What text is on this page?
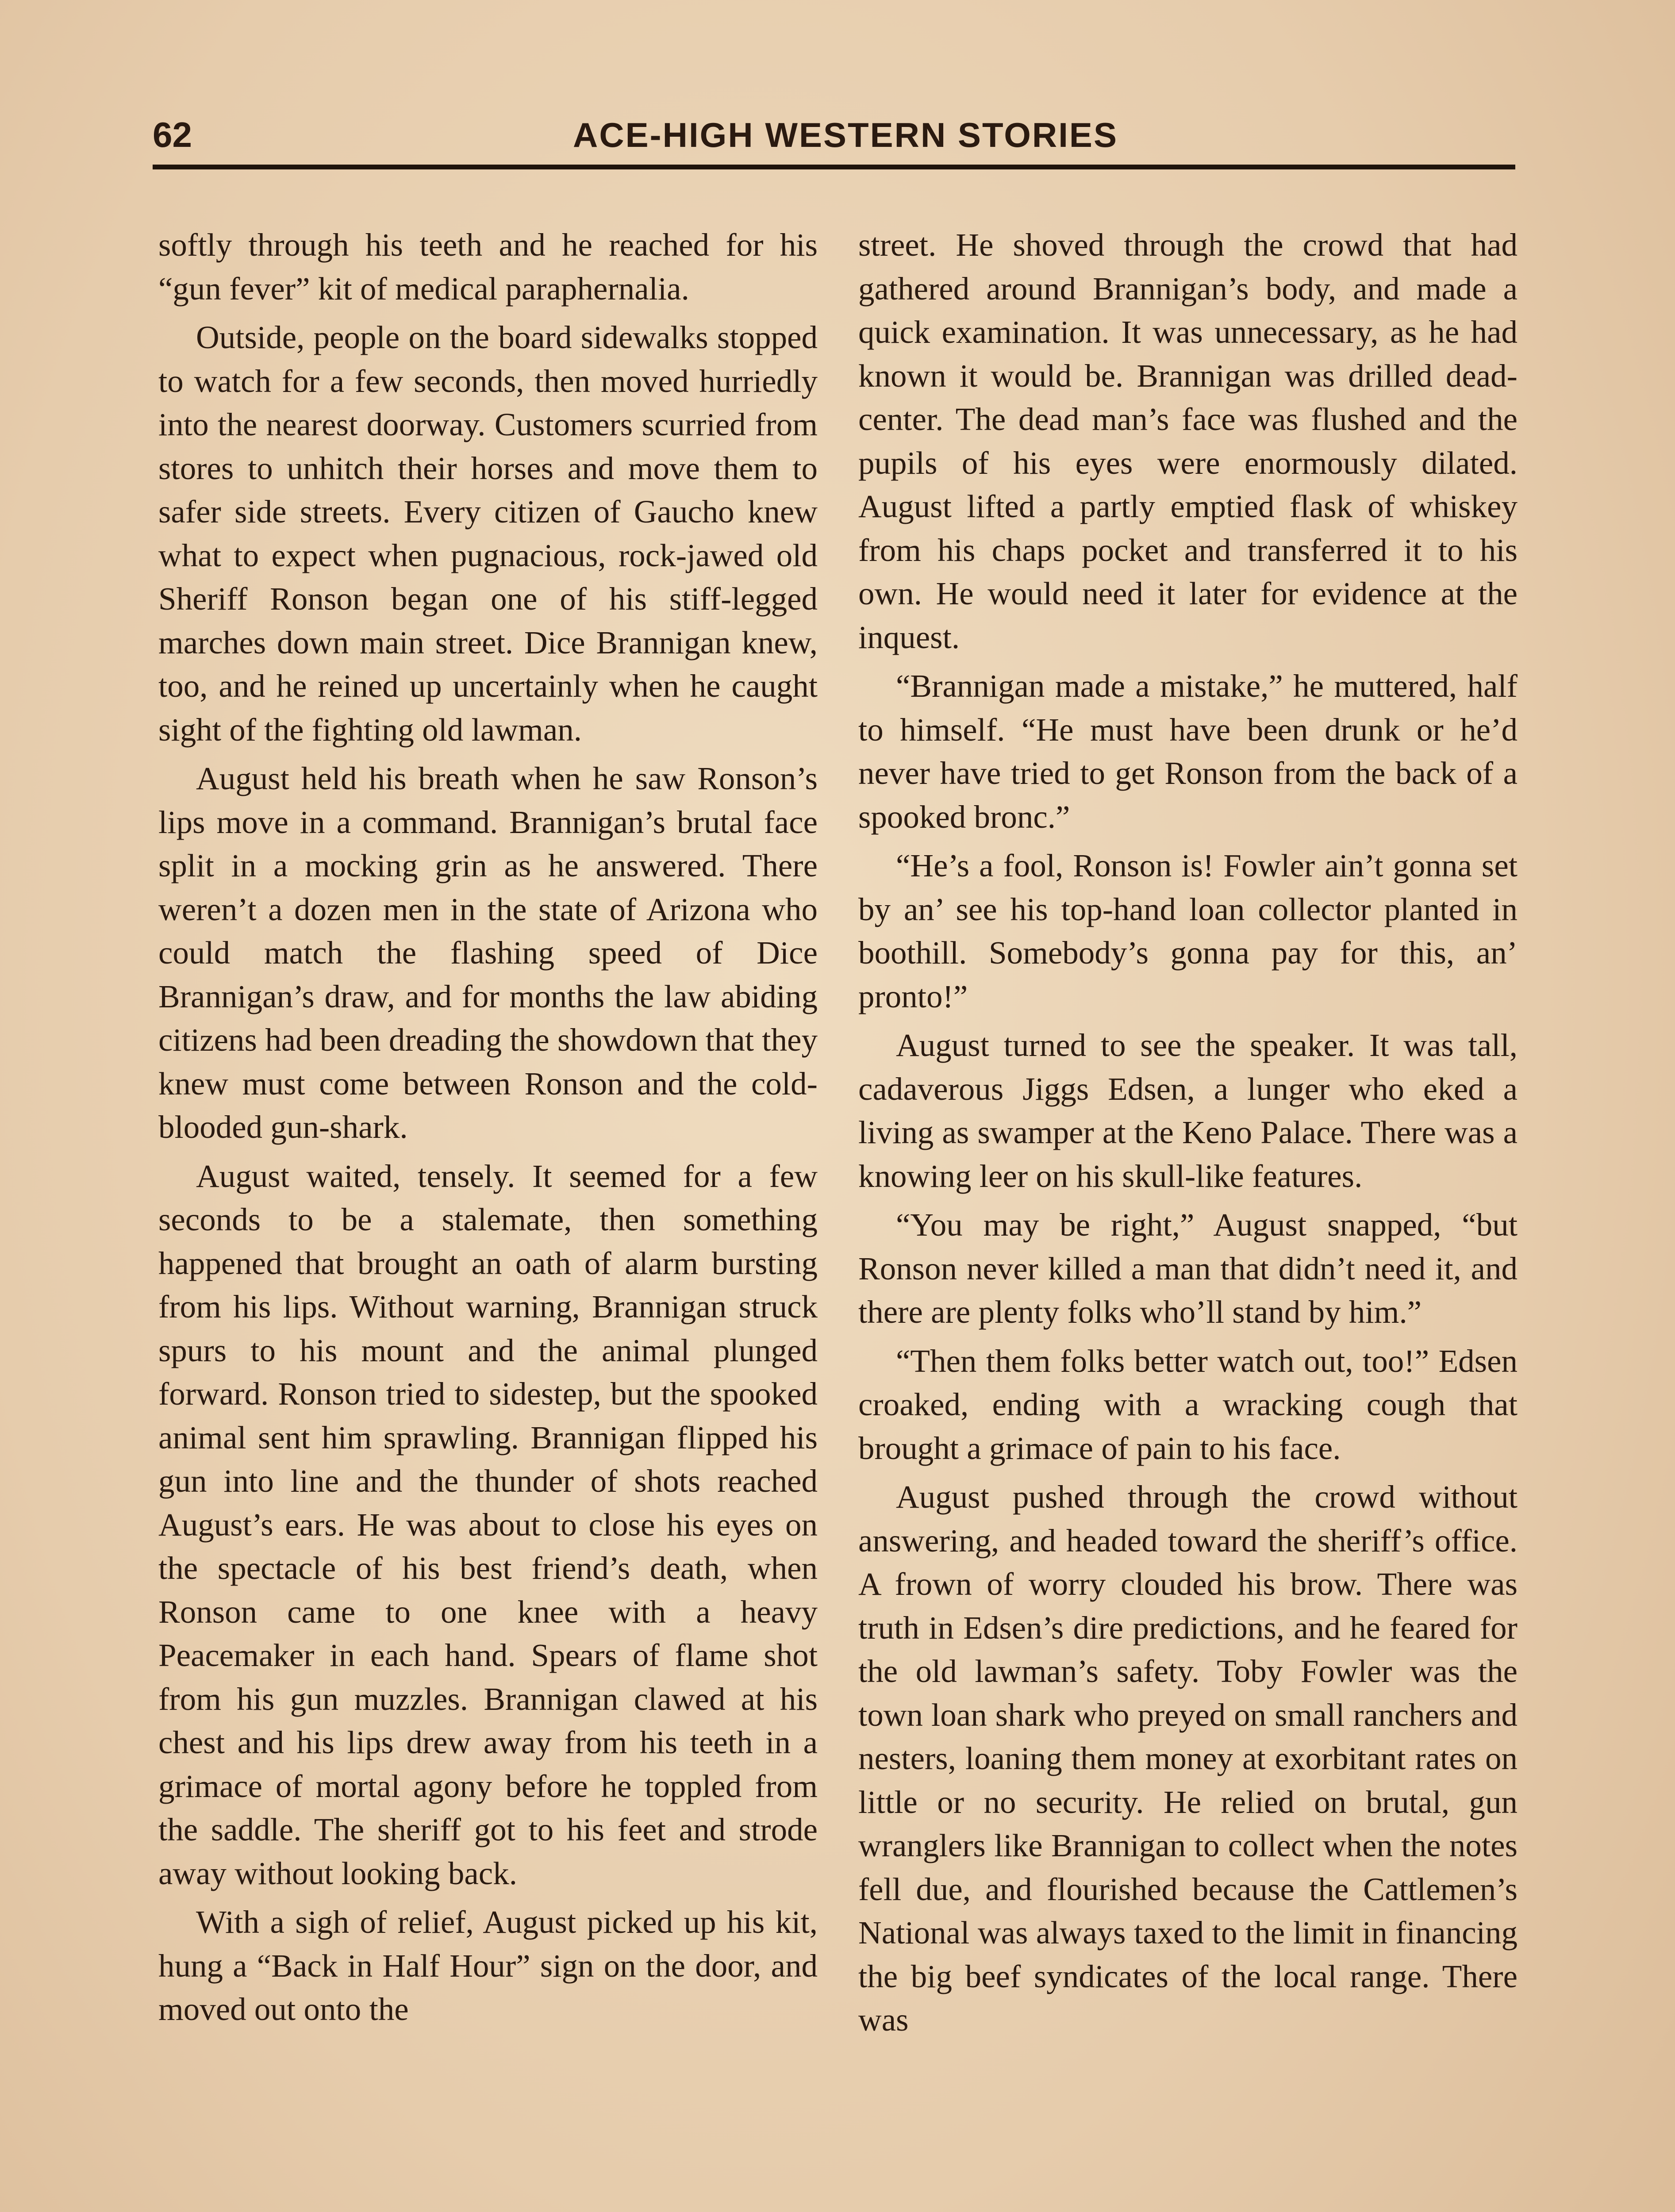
62	ACE-HIGH WESTERN STORIES

softly through his teeth and he reached for his “gun fever” kit of medical paraphernalia.

Outside, people on the board sidewalks stopped to watch for a few seconds, then moved hurriedly into the nearest doorway. Customers scurried from stores to unhitch their horses and move them to safer side streets. Every citizen of Gaucho knew what to expect when pugnacious, rock-jawed old Sheriff Ronson began one of his stiff-legged marches down main street. Dice Brannigan knew, too, and he reined up uncertainly when he caught sight of the fighting old lawman.

August held his breath when he saw Ronson’s lips move in a command. Brannigan’s brutal face split in a mocking grin as he answered. There weren’t a dozen men in the state of Arizona who could match the flashing speed of Dice Brannigan’s draw, and for months the law abiding citizens had been dreading the showdown that they knew must come between Ronson and the cold-blooded gun-shark.

August waited, tensely. It seemed for a few seconds to be a stalemate, then something happened that brought an oath of alarm bursting from his lips. Without warning, Brannigan struck spurs to his mount and the animal plunged forward. Ronson tried to sidestep, but the spooked animal sent him sprawling. Brannigan flipped his gun into line and the thunder of shots reached August’s ears. He was about to close his eyes on the spectacle of his best friend’s death, when Ronson came to one knee with a heavy Peacemaker in each hand. Spears of flame shot from his gun muzzles. Brannigan clawed at his chest and his lips drew away from his teeth in a grimace of mortal agony before he toppled from the saddle. The sheriff got to his feet and strode away without looking back.

With a sigh of relief, August picked up his kit, hung a “Back in Half Hour” sign on the door, and moved out onto the

street. He shoved through the crowd that had gathered around Brannigan’s body, and made a quick examination. It was unnecessary, as he had known it would be. Brannigan was drilled dead-center. The dead man’s face was flushed and the pupils of his eyes were enormously dilated. August lifted a partly emptied flask of whiskey from his chaps pocket and transferred it to his own. He would need it later for evidence at the inquest.

“Brannigan made a mistake,” he muttered, half to himself. “He must have been drunk or he’d never have tried to get Ronson from the back of a spooked bronc.”

“He’s a fool, Ronson is! Fowler ain’t gonna set by an’ see his top-hand loan collector planted in boothill. Somebody’s gonna pay for this, an’ pronto!”

August turned to see the speaker. It was tall, cadaverous Jiggs Edsen, a lunger who eked a living as swamper at the Keno Palace. There was a knowing leer on his skull-like features.

“You may be right,” August snapped, “but Ronson never killed a man that didn’t need it, and there are plenty folks who’ll stand by him.”

“Then them folks better watch out, too!” Edsen croaked, ending with a wracking cough that brought a grimace of pain to his face.

August pushed through the crowd without answering, and headed toward the sheriff’s office. A frown of worry clouded his brow. There was truth in Edsen’s dire predictions, and he feared for the old lawman’s safety. Toby Fowler was the town loan shark who preyed on small ranchers and nesters, loaning them money at exorbitant rates on little or no security. He relied on brutal, gun wranglers like Brannigan to collect when the notes fell due, and flourished because the Cattlemen’s National was always taxed to the limit in financing the big beef syndicates of the local range. There was
